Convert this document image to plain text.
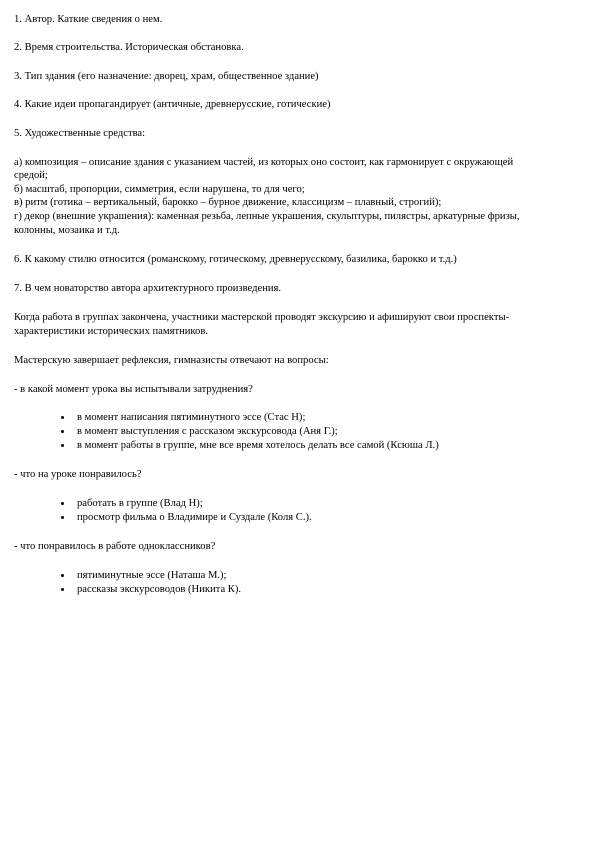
1. Автор. Каткие сведения о нем.
2. Время строительства. Историческая обстановка.
3. Тип здания (его назначение: дворец, храм, общественное здание)
4. Какие идеи пропагандирует (античные, древнерусские, готические)
5. Художественные средства:
а) композиция – описание здания с указанием частей, из которых оно состоит, как гармонирует с окружающей
средой;
б) масштаб, пропорции, симметрия, если нарушена, то для чего;
в) ритм (готика – вертикальный, барокко – бурное движение, классицизм – плавный, строгий);
г) декор (внешние украшения): каменная резьба, лепные украшения, скульптуры, пилястры, аркатурные фризы,
колонны, мозаика и т.д.
6. К какому стилю относится (романскому, готическому, древнерусскому, базилика, барокко и т.д.)
7. В чем новаторство автора архитектурного произведения.
Когда работа в группах закончена, участники мастерской проводят экскурсию и афишируют свои проспекты-
характеристики исторических памятников.
Мастерскую завершает рефлексия, гимназисты отвечают на вопросы:
- в какой момент урока вы испытывали затруднения?
в момент написания пятиминутного эссе (Стас Н);
в момент выступления с рассказом экскурсовода (Аня Г.);
в момент работы в группе, мне все время хотелось делать все самой (Ксюша Л.)
- что на уроке понравилось?
работать в группе (Влад Н);
просмотр фильма о Владимире и Суздале (Коля С.).
- что понравилось в работе одноклассников?
пятиминутные эссе (Наташа М.);
рассказы экскурсоводов (Никита К).
